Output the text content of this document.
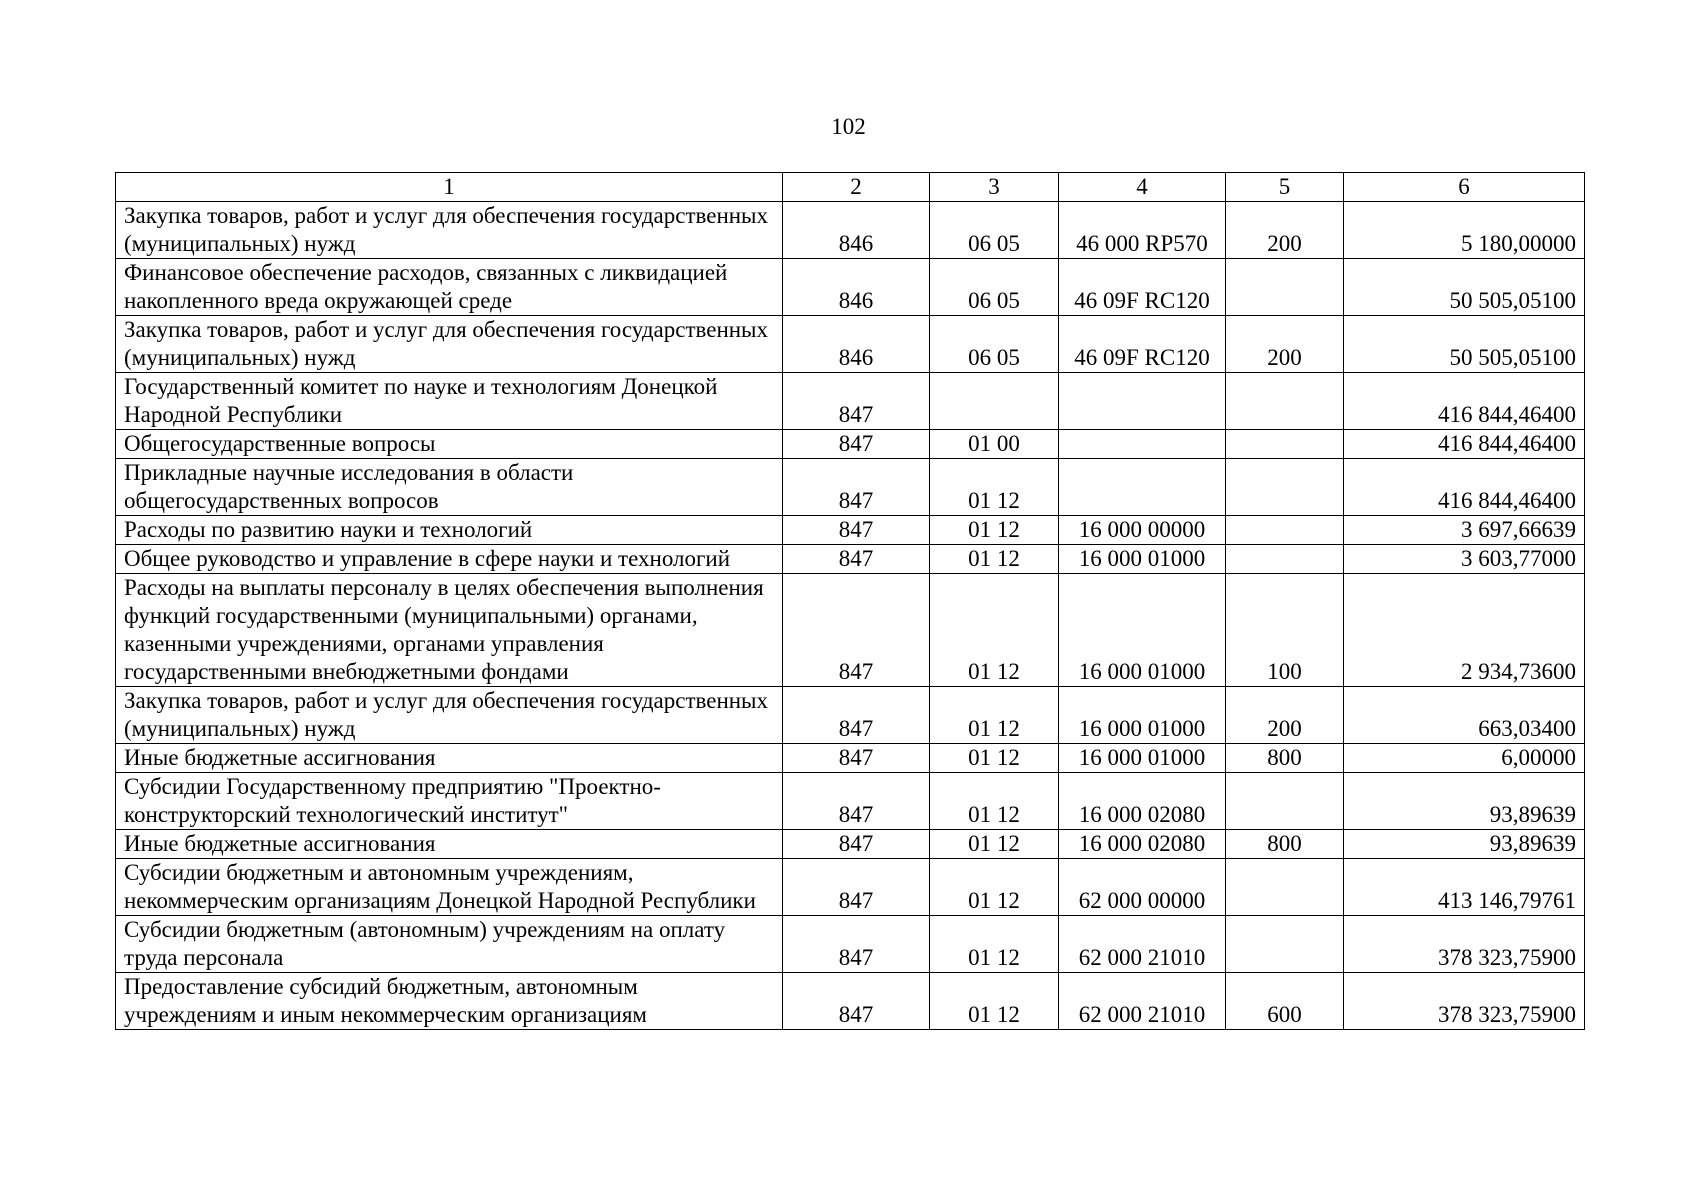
102
1	2	3	4	5	6
Закупка товаров, работ и услуг для обеспечения государственных (муниципальных) нужд	846	06 05	46 000 RP570	200	5 180,00000
Финансовое обеспечение расходов, связанных с ликвидацией накопленного вреда окружающей среде	846	06 05	46 09F RC120		50 505,05100
Закупка товаров, работ и услуг для обеспечения государственных (муниципальных) нужд	846	06 05	46 09F RC120	200	50 505,05100
Государственный комитет по науке и технологиям Донецкой Народной Республики	847				416 844,46400
Общегосударственные вопросы	847	01 00			416 844,46400
Прикладные научные исследования в области общегосударственных вопросов	847	01 12			416 844,46400
Расходы по развитию науки и технологий	847	01 12	16 000 00000		3 697,66639
Общее руководство и управление в сфере науки и технологий	847	01 12	16 000 01000		3 603,77000
Расходы на выплаты персоналу в целях обеспечения выполнения функций государственными (муниципальными) органами, казенными учреждениями, органами управления государственными внебюджетными фондами	847	01 12	16 000 01000	100	2 934,73600
Закупка товаров, работ и услуг для обеспечения государственных (муниципальных) нужд	847	01 12	16 000 01000	200	663,03400
Иные бюджетные ассигнования	847	01 12	16 000 01000	800	6,00000
Субсидии Государственному предприятию "Проектно-конструкторский технологический институт"	847	01 12	16 000 02080		93,89639
Иные бюджетные ассигнования	847	01 12	16 000 02080	800	93,89639
Субсидии бюджетным и автономным учреждениям, некоммерческим организациям Донецкой Народной Республики	847	01 12	62 000 00000		413 146,79761
Субсидии бюджетным (автономным) учреждениям на оплату труда персонала	847	01 12	62 000 21010		378 323,75900
Предоставление субсидий бюджетным, автономным учреждениям и иным некоммерческим организациям	847	01 12	62 000 21010	600	378 323,75900
